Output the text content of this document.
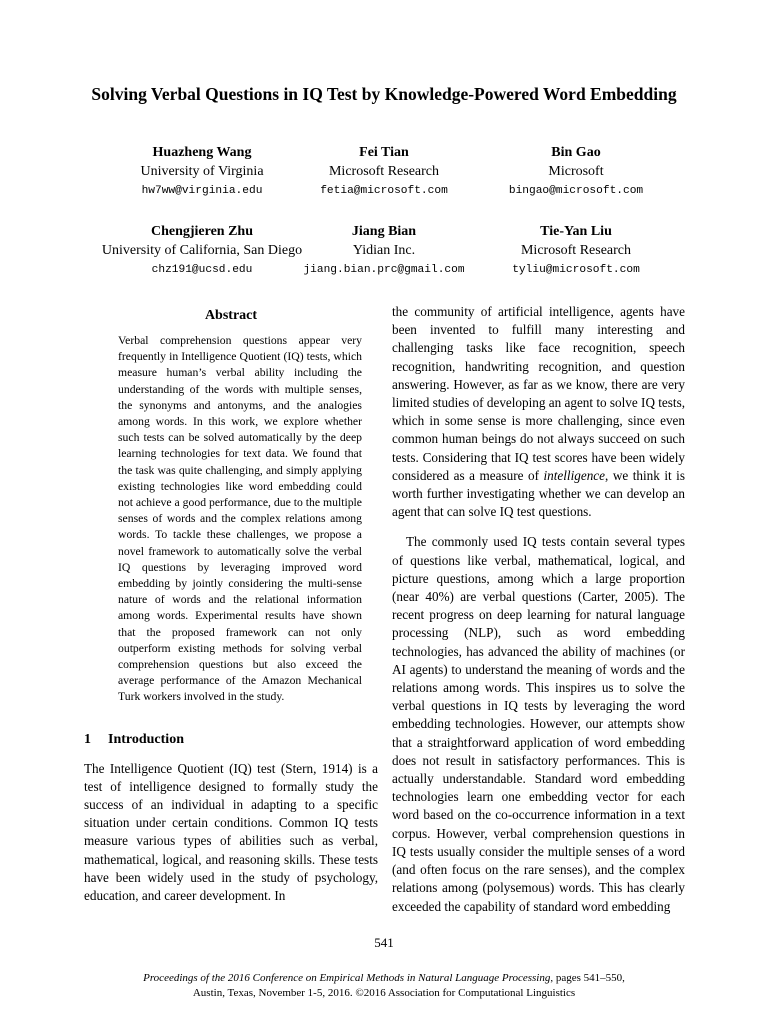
Solving Verbal Questions in IQ Test by Knowledge-Powered Word Embedding
Huazheng Wang
University of Virginia
hw7ww@virginia.edu
Fei Tian
Microsoft Research
fetia@microsoft.com
Bin Gao
Microsoft
bingao@microsoft.com
Chengjieren Zhu
University of California, San Diego
chz191@ucsd.edu
Jiang Bian
Yidian Inc.
jiang.bian.prc@gmail.com
Tie-Yan Liu
Microsoft Research
tyliu@microsoft.com
Abstract

Verbal comprehension questions appear very frequently in Intelligence Quotient (IQ) tests, which measure human’s verbal ability including the understanding of the words with multiple senses, the synonyms and antonyms, and the analogies among words. In this work, we explore whether such tests can be solved automatically by the deep learning technologies for text data. We found that the task was quite challenging, and simply applying existing technologies like word embedding could not achieve a good performance, due to the multiple senses of words and the complex relations among words. To tackle these challenges, we propose a novel framework to automatically solve the verbal IQ questions by leveraging improved word embedding by jointly considering the multi-sense nature of words and the relational information among words. Experimental results have shown that the proposed framework can not only outperform existing methods for solving verbal comprehension questions but also exceed the average performance of the Amazon Mechanical Turk workers involved in the study.

1 Introduction

The Intelligence Quotient (IQ) test (Stern, 1914) is a test of intelligence designed to formally study the success of an individual in adapting to a specific situation under certain conditions. Common IQ tests measure various types of abilities such as verbal, mathematical, logical, and reasoning skills. These tests have been widely used in the study of psychology, education, and career development. In

the community of artificial intelligence, agents have been invented to fulfill many interesting and challenging tasks like face recognition, speech recognition, handwriting recognition, and question answering. However, as far as we know, there are very limited studies of developing an agent to solve IQ tests, which in some sense is more challenging, since even common human beings do not always succeed on such tests. Considering that IQ test scores have been widely considered as a measure of intelligence, we think it is worth further investigating whether we can develop an agent that can solve IQ test questions.

The commonly used IQ tests contain several types of questions like verbal, mathematical, logical, and picture questions, among which a large proportion (near 40%) are verbal questions (Carter, 2005). The recent progress on deep learning for natural language processing (NLP), such as word embedding technologies, has advanced the ability of machines (or AI agents) to understand the meaning of words and the relations among words. This inspires us to solve the verbal questions in IQ tests by leveraging the word embedding technologies. However, our attempts show that a straightforward application of word embedding does not result in satisfactory performances. This is actually understandable. Standard word embedding technologies learn one embedding vector for each word based on the co-occurrence information in a text corpus. However, verbal comprehension questions in IQ tests usually consider the multiple senses of a word (and often focus on the rare senses), and the complex relations among (polysemous) words. This has clearly exceeded the capability of standard word embedding

541
Proceedings of the 2016 Conference on Empirical Methods in Natural Language Processing, pages 541–550,
Austin, Texas, November 1-5, 2016. ©2016 Association for Computational Linguistics
